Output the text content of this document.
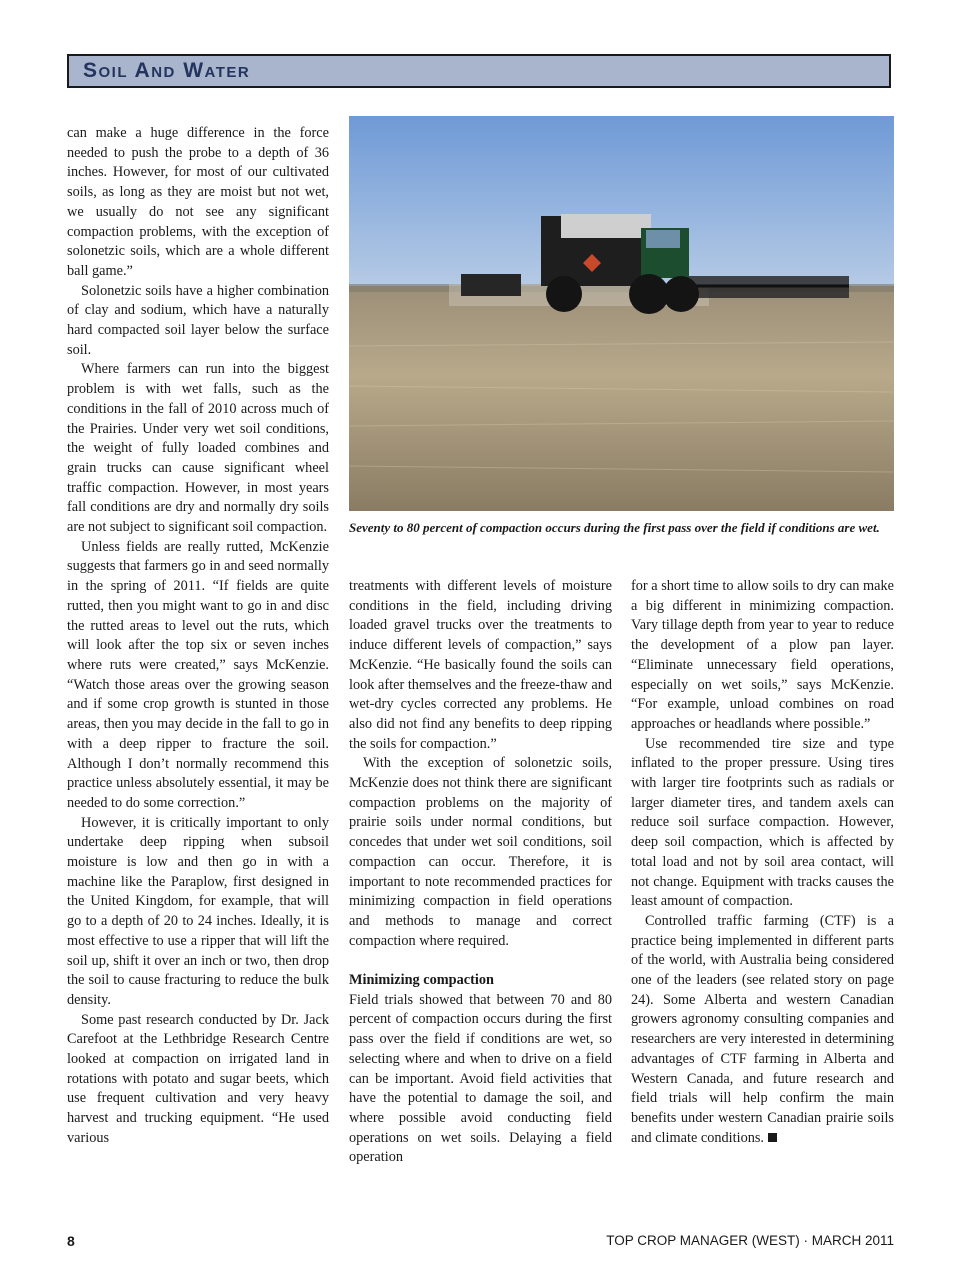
Soil And Water

can make a huge difference in the force needed to push the probe to a depth of 36 inches. However, for most of our cultivated soils, as long as they are moist but not wet, we usually do not see any significant compaction problems, with the exception of solonetzic soils, which are a whole different ball game.”

Solonetzic soils have a higher combination of clay and sodium, which have a naturally hard compacted soil layer below the surface soil.

Where farmers can run into the biggest problem is with wet falls, such as the conditions in the fall of 2010 across much of the Prairies. Under very wet soil conditions, the weight of fully loaded combines and grain trucks can cause significant wheel traffic compaction. However, in most years fall conditions are dry and normally dry soils are not subject to significant soil compaction.

Unless fields are really rutted, McKenzie suggests that farmers go in and seed normally in the spring of 2011. “If fields are quite rutted, then you might want to go in and disc the rutted areas to level out the ruts, which will look after the top six or seven inches where ruts were created,” says McKenzie. “Watch those areas over the growing season and if some crop growth is stunted in those areas, then you may decide in the fall to go in with a deep ripper to fracture the soil. Although I don’t normally recommend this practice unless absolutely essential, it may be needed to do some correction.”

However, it is critically important to only undertake deep ripping when subsoil moisture is low and then go in with a machine like the Paraplow, first designed in the United Kingdom, for example, that will go to a depth of 20 to 24 inches. Ideally, it is most effective to use a ripper that will lift the soil up, shift it over an inch or two, then drop the soil to cause fracturing to reduce the bulk density.

Some past research conducted by Dr. Jack Carefoot at the Lethbridge Research Centre looked at compaction on irrigated land in rotations with potato and sugar beets, which use frequent cultivation and very heavy harvest and trucking equipment. “He used various

Seventy to 80 percent of compaction occurs during the first pass over the field if conditions are wet.

treatments with different levels of moisture conditions in the field, including driving loaded gravel trucks over the treatments to induce different levels of compaction,” says McKenzie. “He basically found the soils can look after themselves and the freeze-thaw and wet-dry cycles corrected any problems. He also did not find any benefits to deep ripping the soils for compaction.”

With the exception of solonetzic soils, McKenzie does not think there are significant compaction problems on the majority of prairie soils under normal conditions, but concedes that under wet soil conditions, soil compaction can occur. Therefore, it is important to note recommended practices for minimizing compaction in field operations and methods to manage and correct compaction where required.

Minimizing compaction

Field trials showed that between 70 and 80 percent of compaction occurs during the first pass over the field if conditions are wet, so selecting where and when to drive on a field can be important. Avoid field activities that have the potential to damage the soil, and where possible avoid conducting field operations on wet soils. Delaying a field operation

for a short time to allow soils to dry can make a big different in minimizing compaction. Vary tillage depth from year to year to reduce the development of a plow pan layer. “Eliminate unnecessary field operations, especially on wet soils,” says McKenzie. “For example, unload combines on road approaches or headlands where possible.”

Use recommended tire size and type inflated to the proper pressure. Using tires with larger tire footprints such as radials or larger diameter tires, and tandem axels can reduce soil surface compaction. However, deep soil compaction, which is affected by total load and not by soil area contact, will not change. Equipment with tracks causes the least amount of compaction.

Controlled traffic farming (CTF) is a practice being implemented in different parts of the world, with Australia being considered one of the leaders (see related story on page 24). Some Alberta and western Canadian growers agronomy consulting companies and researchers are very interested in determining advantages of CTF farming in Alberta and Western Canada, and future research and field trials will help confirm the main benefits under western Canadian prairie soils and climate conditions.

8	TOP CROP MANAGER (WEST) · MARCH 2011
